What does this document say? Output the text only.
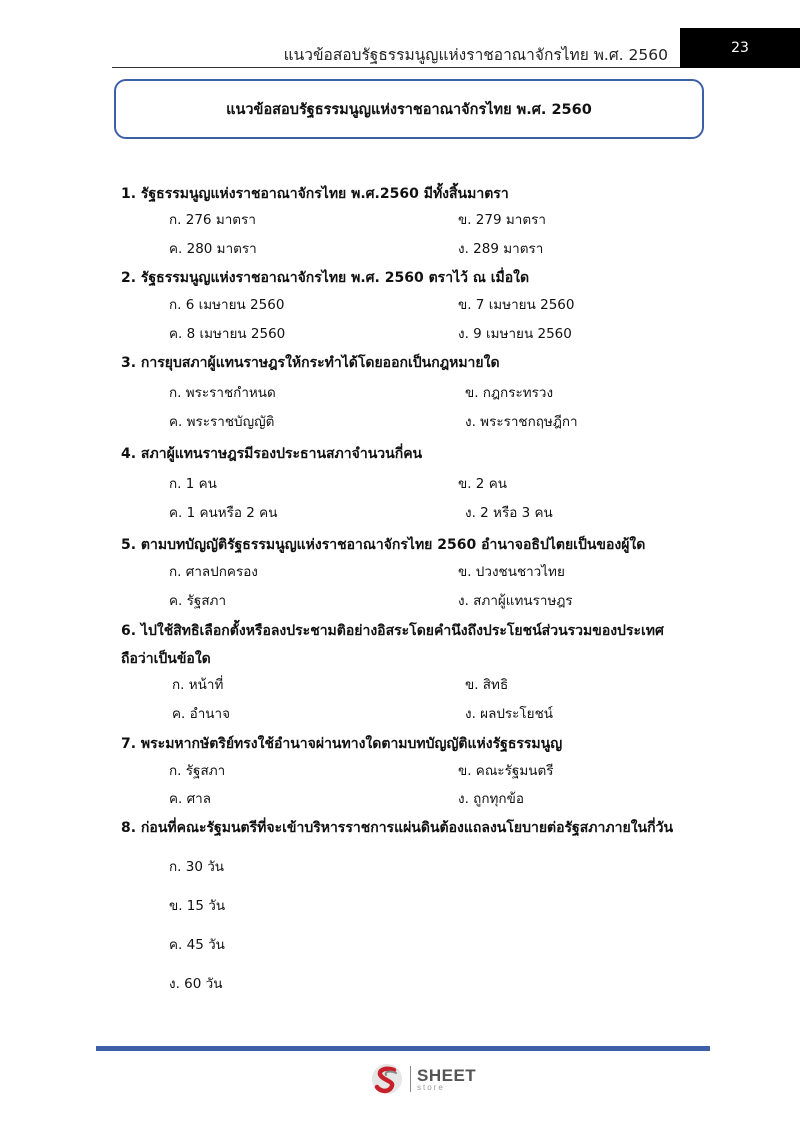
แนวข้อสอบรัฐธรรมนูญแห่งราชอาณาจักรไทย พ.ศ. 2560	23
แนวข้อสอบรัฐธรรมนูญแห่งราชอาณาจักรไทย พ.ศ. 2560
1. รัฐธรรมนูญแห่งราชอาณาจักรไทย พ.ศ.2560 มีทั้งสิ้นมาตรา
ก. 276 มาตรา	ข. 279 มาตรา
ค. 280 มาตรา	ง. 289 มาตรา
2. รัฐธรรมนูญแห่งราชอาณาจักรไทย พ.ศ. 2560 ตราไว้ ณ เมื่อใด
ก. 6 เมษายน 2560	ข. 7 เมษายน 2560
ค. 8 เมษายน 2560	ง. 9 เมษายน 2560
3. การยุบสภาผู้แทนราษฎรให้กระทำได้โดยออกเป็นกฎหมายใด
ก. พระราชกำหนด	ข. กฎกระทรวง
ค. พระราชบัญญัติ	ง. พระราชกฤษฎีกา
4. สภาผู้แทนราษฎรมีรองประธานสภาจำนวนกี่คน
ก. 1 คน	ข. 2 คน
ค. 1 คนหรือ 2 คน	ง. 2 หรือ 3 คน
5. ตามบทบัญญัติรัฐธรรมนูญแห่งราชอาณาจักรไทย 2560 อำนาจอธิปไตยเป็นของผู้ใด
ก. ศาลปกครอง	ข. ปวงชนชาวไทย
ค. รัฐสภา	ง. สภาผู้แทนราษฎร
6. ไปใช้สิทธิเลือกตั้งหรือลงประชามติอย่างอิสระโดยคำนึงถึงประโยชน์ส่วนรวมของประเทศ ถือว่าเป็นข้อใด
ก. หน้าที่	ข. สิทธิ
ค. อำนาจ	ง. ผลประโยชน์
7. พระมหากษัตริย์ทรงใช้อำนาจผ่านทางใดตามบทบัญญัติแห่งรัฐธรรมนูญ
ก. รัฐสภา	ข. คณะรัฐมนตรี
ค. ศาล	ง. ถูกทุกข้อ
8. ก่อนที่คณะรัฐมนตรีที่จะเข้าบริหารราชการแผ่นดินต้องแถลงนโยบายต่อรัฐสภาภายในกี่วัน
ก. 30 วัน
ข. 15 วัน
ค. 45 วัน
ง. 60 วัน
SHEET
store
